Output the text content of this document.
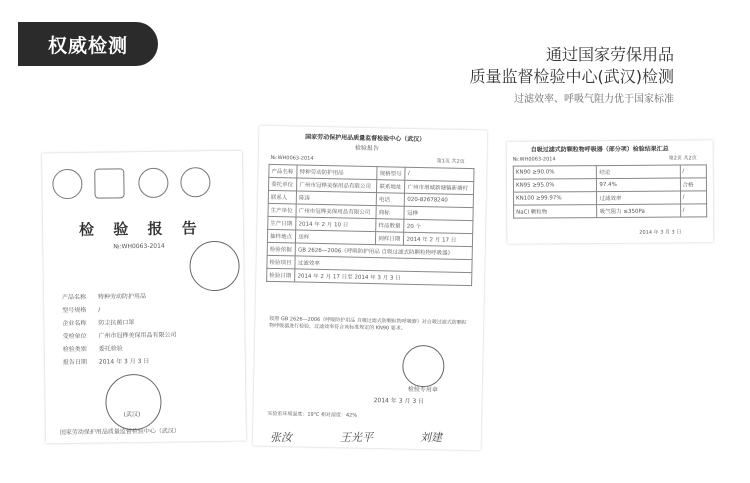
权威检测	通过国家劳保用品
质量监督检验中心(武汉)检测
过滤效率、呼吸气阻力优于国家标准
检 验 报 告
№:WH0063-2014
产品名称 特种劳动防护用品
型号规格 /
企业名称 防尘抗菌口罩
受检单位 广州市冠桦美保用品有限公司
检验类别 委托检验
报告日期 2014 年 3 月 3 日
(武汉)
国家劳动保护用品质量监督检验中心（武汉）
国家劳动保护用品质量监督检验中心（武汉）
检验报告
№:WH0063-2014	第1页 共2页
产品名称	特种劳动防护用品	规格型号	/
委托单位	广州市冠桦美保用品有限公司	联系地址	广州市增城新塘镇新塘村
联系人	陈涛	电话	020-82678240
生产单位	广州市冠桦美保用品有限公司	商标	冠桦
生产日期	2014 年 2 月 10 日	样品数量	20 个
抽样地点	送样	到样日期	2014 年 2 月 17 日
检验依据	GB 2626—2006《呼吸防护用品 自吸过滤式防颗粒物呼吸器》		
检验项目	过滤效率		
检验日期	2014 年 2 月 17 日至 2014 年 3 月 3 日		
按照 GB 2626—2006《呼吸防护用品 自吸过滤式防颗粒物呼吸器》对自吸过滤式防颗粒物呼吸器进行检验，过滤效率符合该标准规定的 KN90 要求。
检验专用章
2014 年 3 月 3 日
实验室环境温度：19℃ 相对湿度：42%
自吸过滤式防颗粒物呼吸器（部分项）检验结果汇总
№:WH0063-2014	第2页 共2页
KN90 ≥90.0%	结论	/
KN95 ≥95.0%	97.4%	合格
KN100 ≥99.97%	过滤效率	/
NaCl 颗粒物	吸气阻力 ≤350Pa	/
2014 年 3 月 3 日
张汝	王光平	刘建
